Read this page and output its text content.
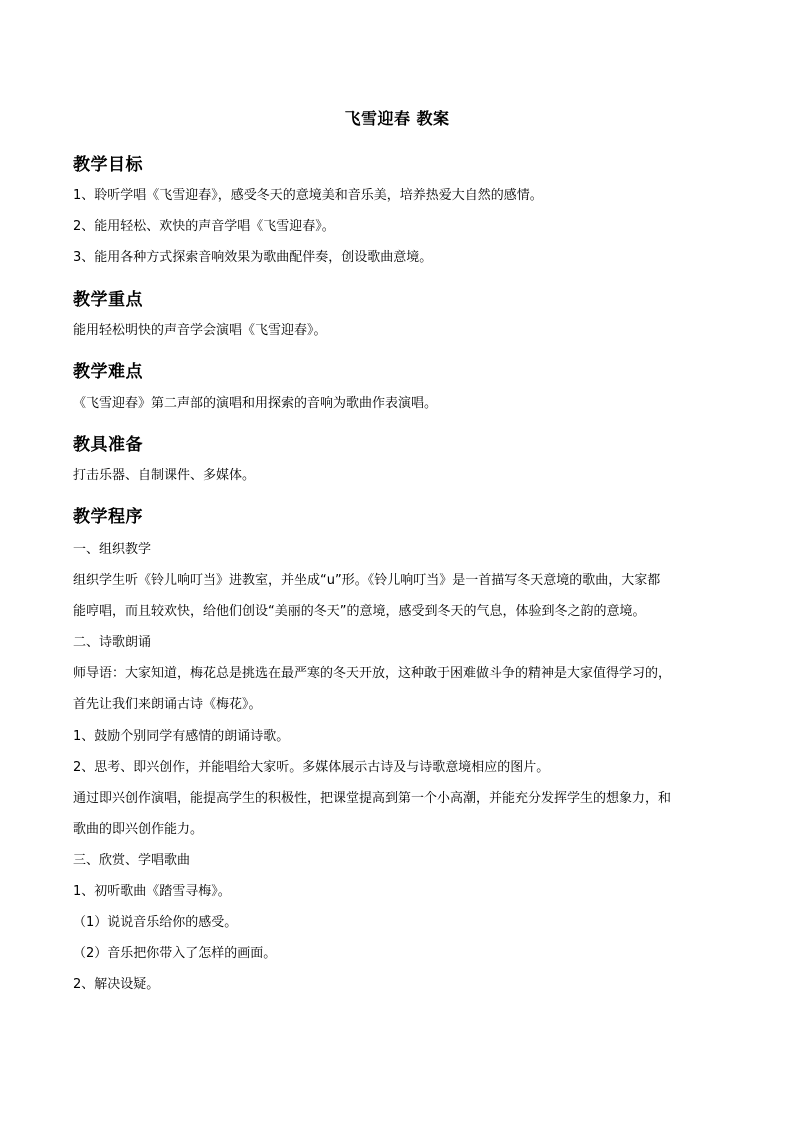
飞雪迎春 教案
教学目标
1、聆听学唱《飞雪迎春》，感受冬天的意境美和音乐美，培养热爱大自然的感情。
2、能用轻松、欢快的声音学唱《飞雪迎春》。
3、能用各种方式探索音响效果为歌曲配伴奏，创设歌曲意境。
教学重点
能用轻松明快的声音学会演唱《飞雪迎春》。
教学难点
《飞雪迎春》第二声部的演唱和用探索的音响为歌曲作表演唱。
教具准备
打击乐器、自制课件、多媒体。
教学程序
一、组织教学
组织学生听《铃儿响叮当》进教室，并坐成“u”形。《铃儿响叮当》是一首描写冬天意境的歌曲，大家都
能哼唱，而且较欢快，给他们创设“美丽的冬天”的意境，感受到冬天的气息，体验到冬之韵的意境。
二、诗歌朗诵
师导语：大家知道，梅花总是挑选在最严寒的冬天开放，这种敢于困难做斗争的精神是大家值得学习的，
首先让我们来朗诵古诗《梅花》。
1、鼓励个别同学有感情的朗诵诗歌。
2、思考、即兴创作，并能唱给大家听。多媒体展示古诗及与诗歌意境相应的图片。
通过即兴创作演唱，能提高学生的积极性，把课堂提高到第一个小高潮，并能充分发挥学生的想象力，和
歌曲的即兴创作能力。
三、欣赏、学唱歌曲
1、初听歌曲《踏雪寻梅》。
（1）说说音乐给你的感受。
（2）音乐把你带入了怎样的画面。
2、解决设疑。
